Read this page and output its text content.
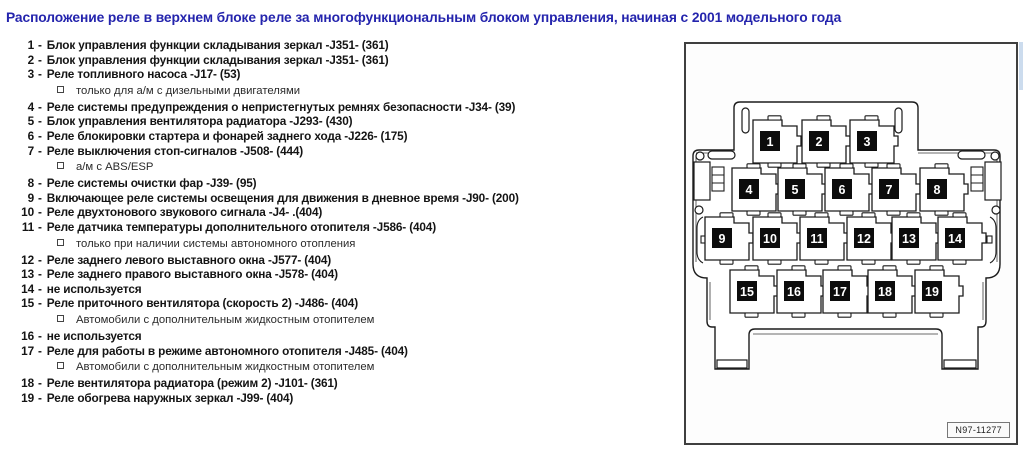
Расположение реле в верхнем блоке реле за многофункциональным блоком управления, начиная с 2001 модельного года
1 - Блок управления функции складывания зеркал -J351- (361)
2 - Блок управления функции складывания зеркал -J351- (361)
3 - Реле топливного насоса -J17- (53)
только для а/м с дизельными двигателями
4 - Реле системы предупреждения о непристегнутых ремнях безопасности -J34- (39)
5 - Блок управления вентилятора радиатора -J293- (430)
6 - Реле блокировки стартера и фонарей заднего хода -J226- (175)
7 - Реле выключения стоп-сигналов -J508- (444)
а/м с ABS/ESP
8 - Реле системы очистки фар -J39- (95)
9 - Включающее реле системы освещения для движения в дневное время -J90- (200)
10 - Реле двухтонового звукового сигнала -J4- .(404)
11 - Реле датчика температуры дополнительного отопителя -J586- (404)
только при наличии системы автономного отопления
12 - Реле заднего левого выставного окна -J577- (404)
13 - Реле заднего правого выставного окна -J578- (404)
14 - не используется
15 - Реле приточного вентилятора (скорость 2) -J486- (404)
Автомобили с дополнительным жидкостным отопителем
16 - не используется
17 - Реле для работы в режиме автономного отопителя -J485- (404)
Автомобили с дополнительным жидкостным отопителем
18 - Реле вентилятора радиатора (режим 2) -J101- (361)
19 - Реле обогрева наружных зеркал -J99- (404)
1	2	3
4	5	6	7	8
9	10	11	12 13	14
15	16	17 18	19
N97-11277
